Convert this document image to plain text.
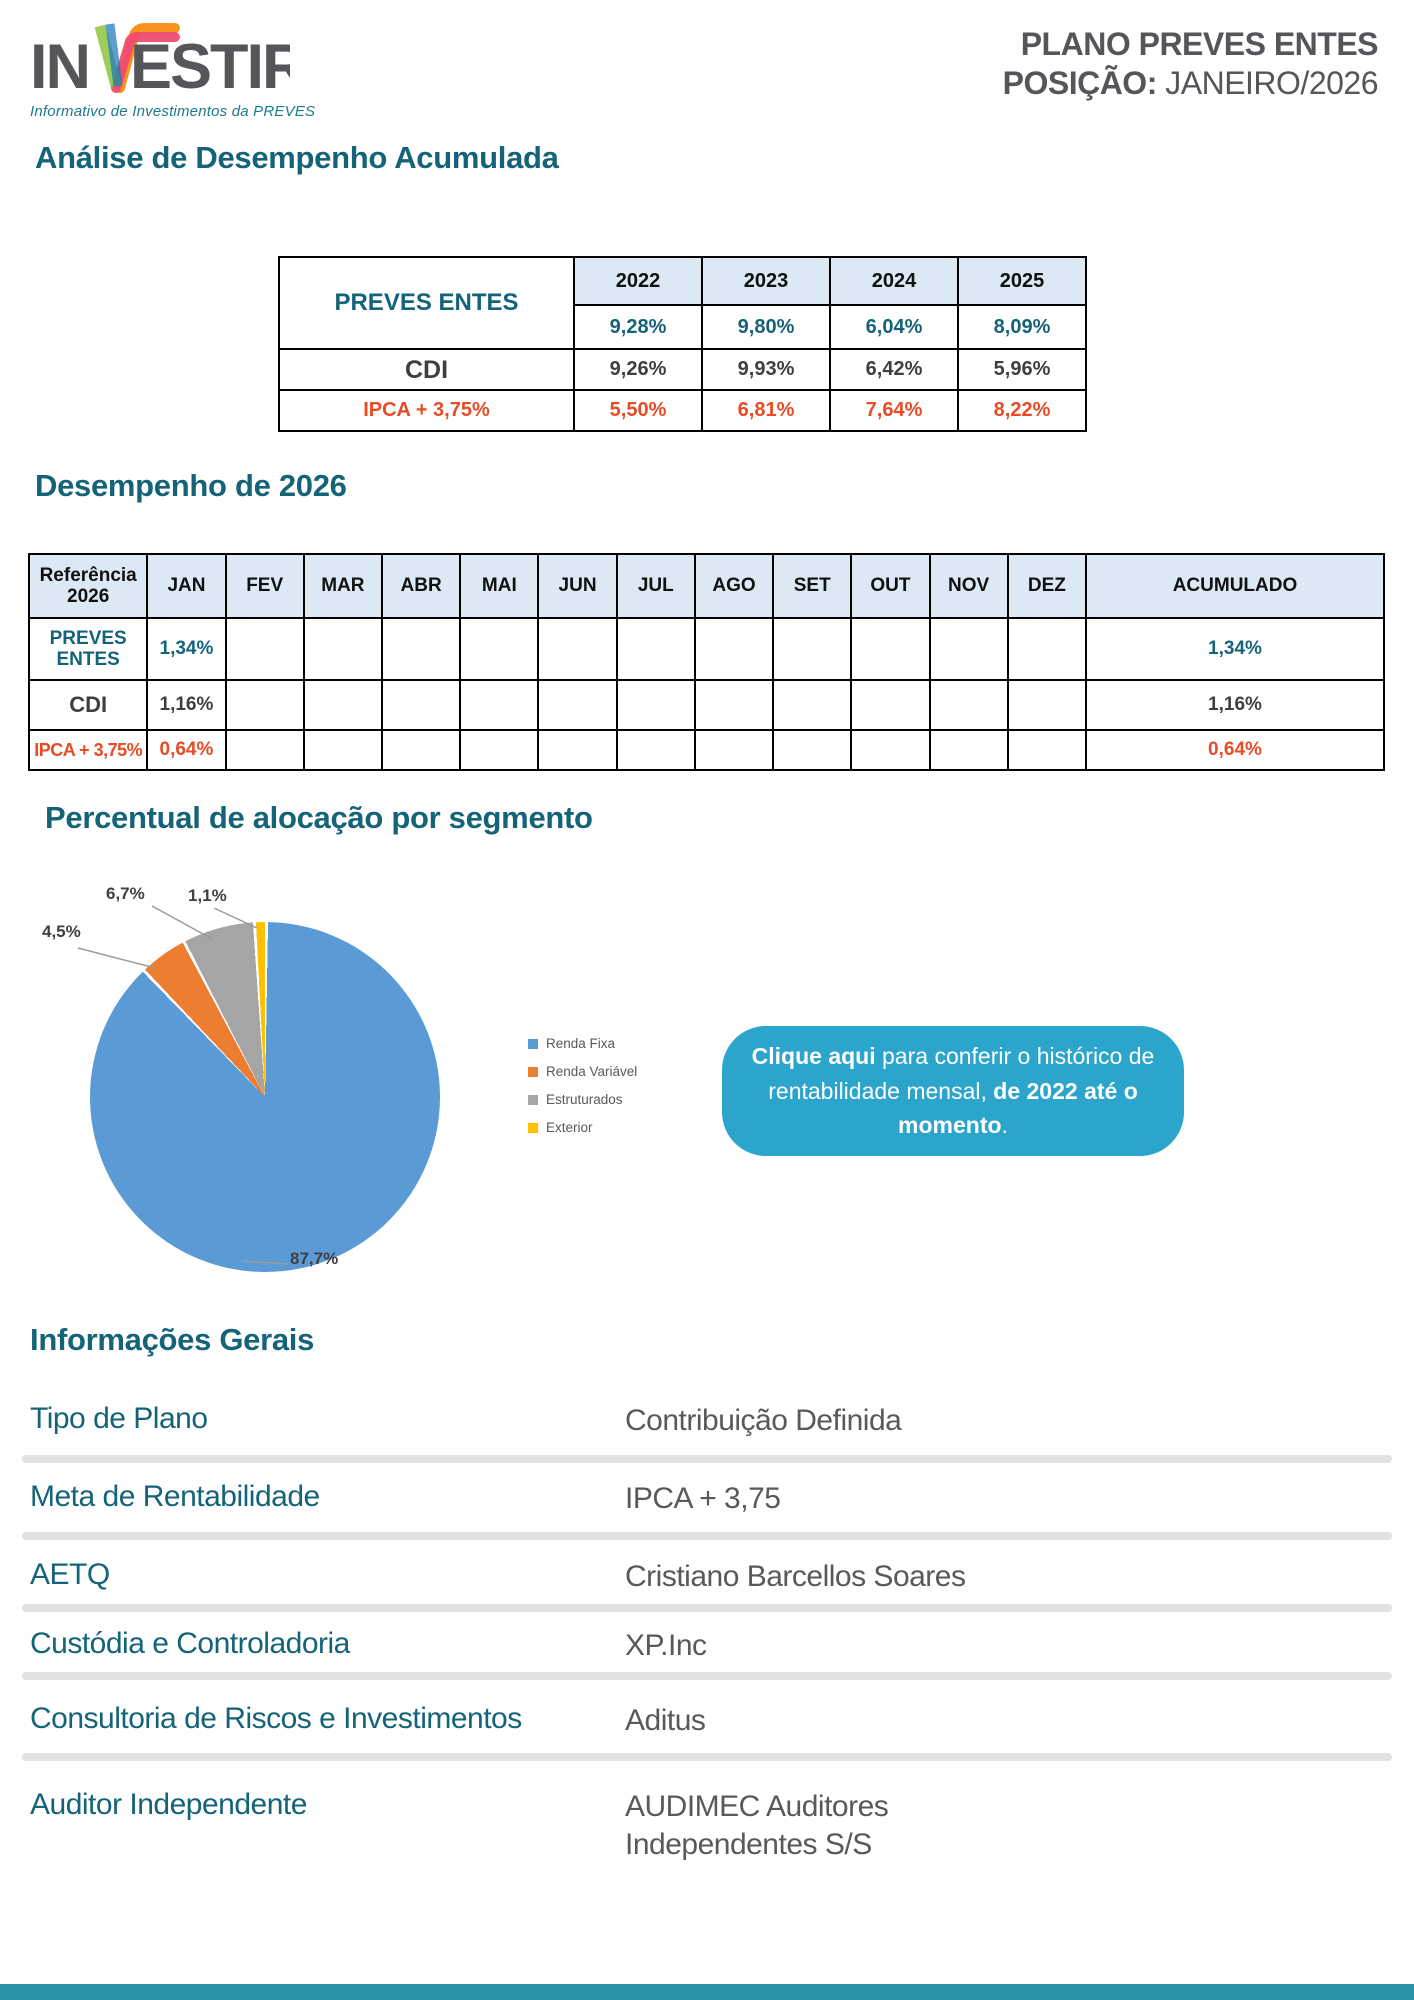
IN ESTIR
Informativo de Investimentos da PREVES
PLANO PREVES ENTES
POSIÇÃO: JANEIRO/2026
Análise de Desempenho Acumulada
PREVES ENTES	2022	2023	2024	2025
	9,28%	9,80%	6,04%	8,09%
CDI	9,26%	9,93%	6,42%	5,96%
IPCA + 3,75%	5,50%	6,81%	7,64%	8,22%
Desempenho de 2026
Referência 2026	JAN	FEV	MAR	ABR	MAI	JUN	JUL	AGO	SET	OUT	NOV	DEZ	ACUMULADO
PREVES ENTES	1,34%												1,34%
CDI	1,16%												1,16%
IPCA + 3,75%	0,64%												0,64%
Percentual de alocação por segmento
6,7%	1,1%
4,5%
87,7%
Renda Fixa
Renda Variável
Estruturados
Exterior
Clique aqui para conferir o histórico de rentabilidade mensal, de 2022 até o momento.
Informações Gerais
Tipo de Plano	Contribuição Definida
Meta de Rentabilidade	IPCA + 3,75
AETQ	Cristiano Barcellos Soares
Custódia e Controladoria	XP.Inc
Consultoria de Riscos e Investimentos	Aditus
Auditor Independente	AUDIMEC Auditores Independentes S/S
